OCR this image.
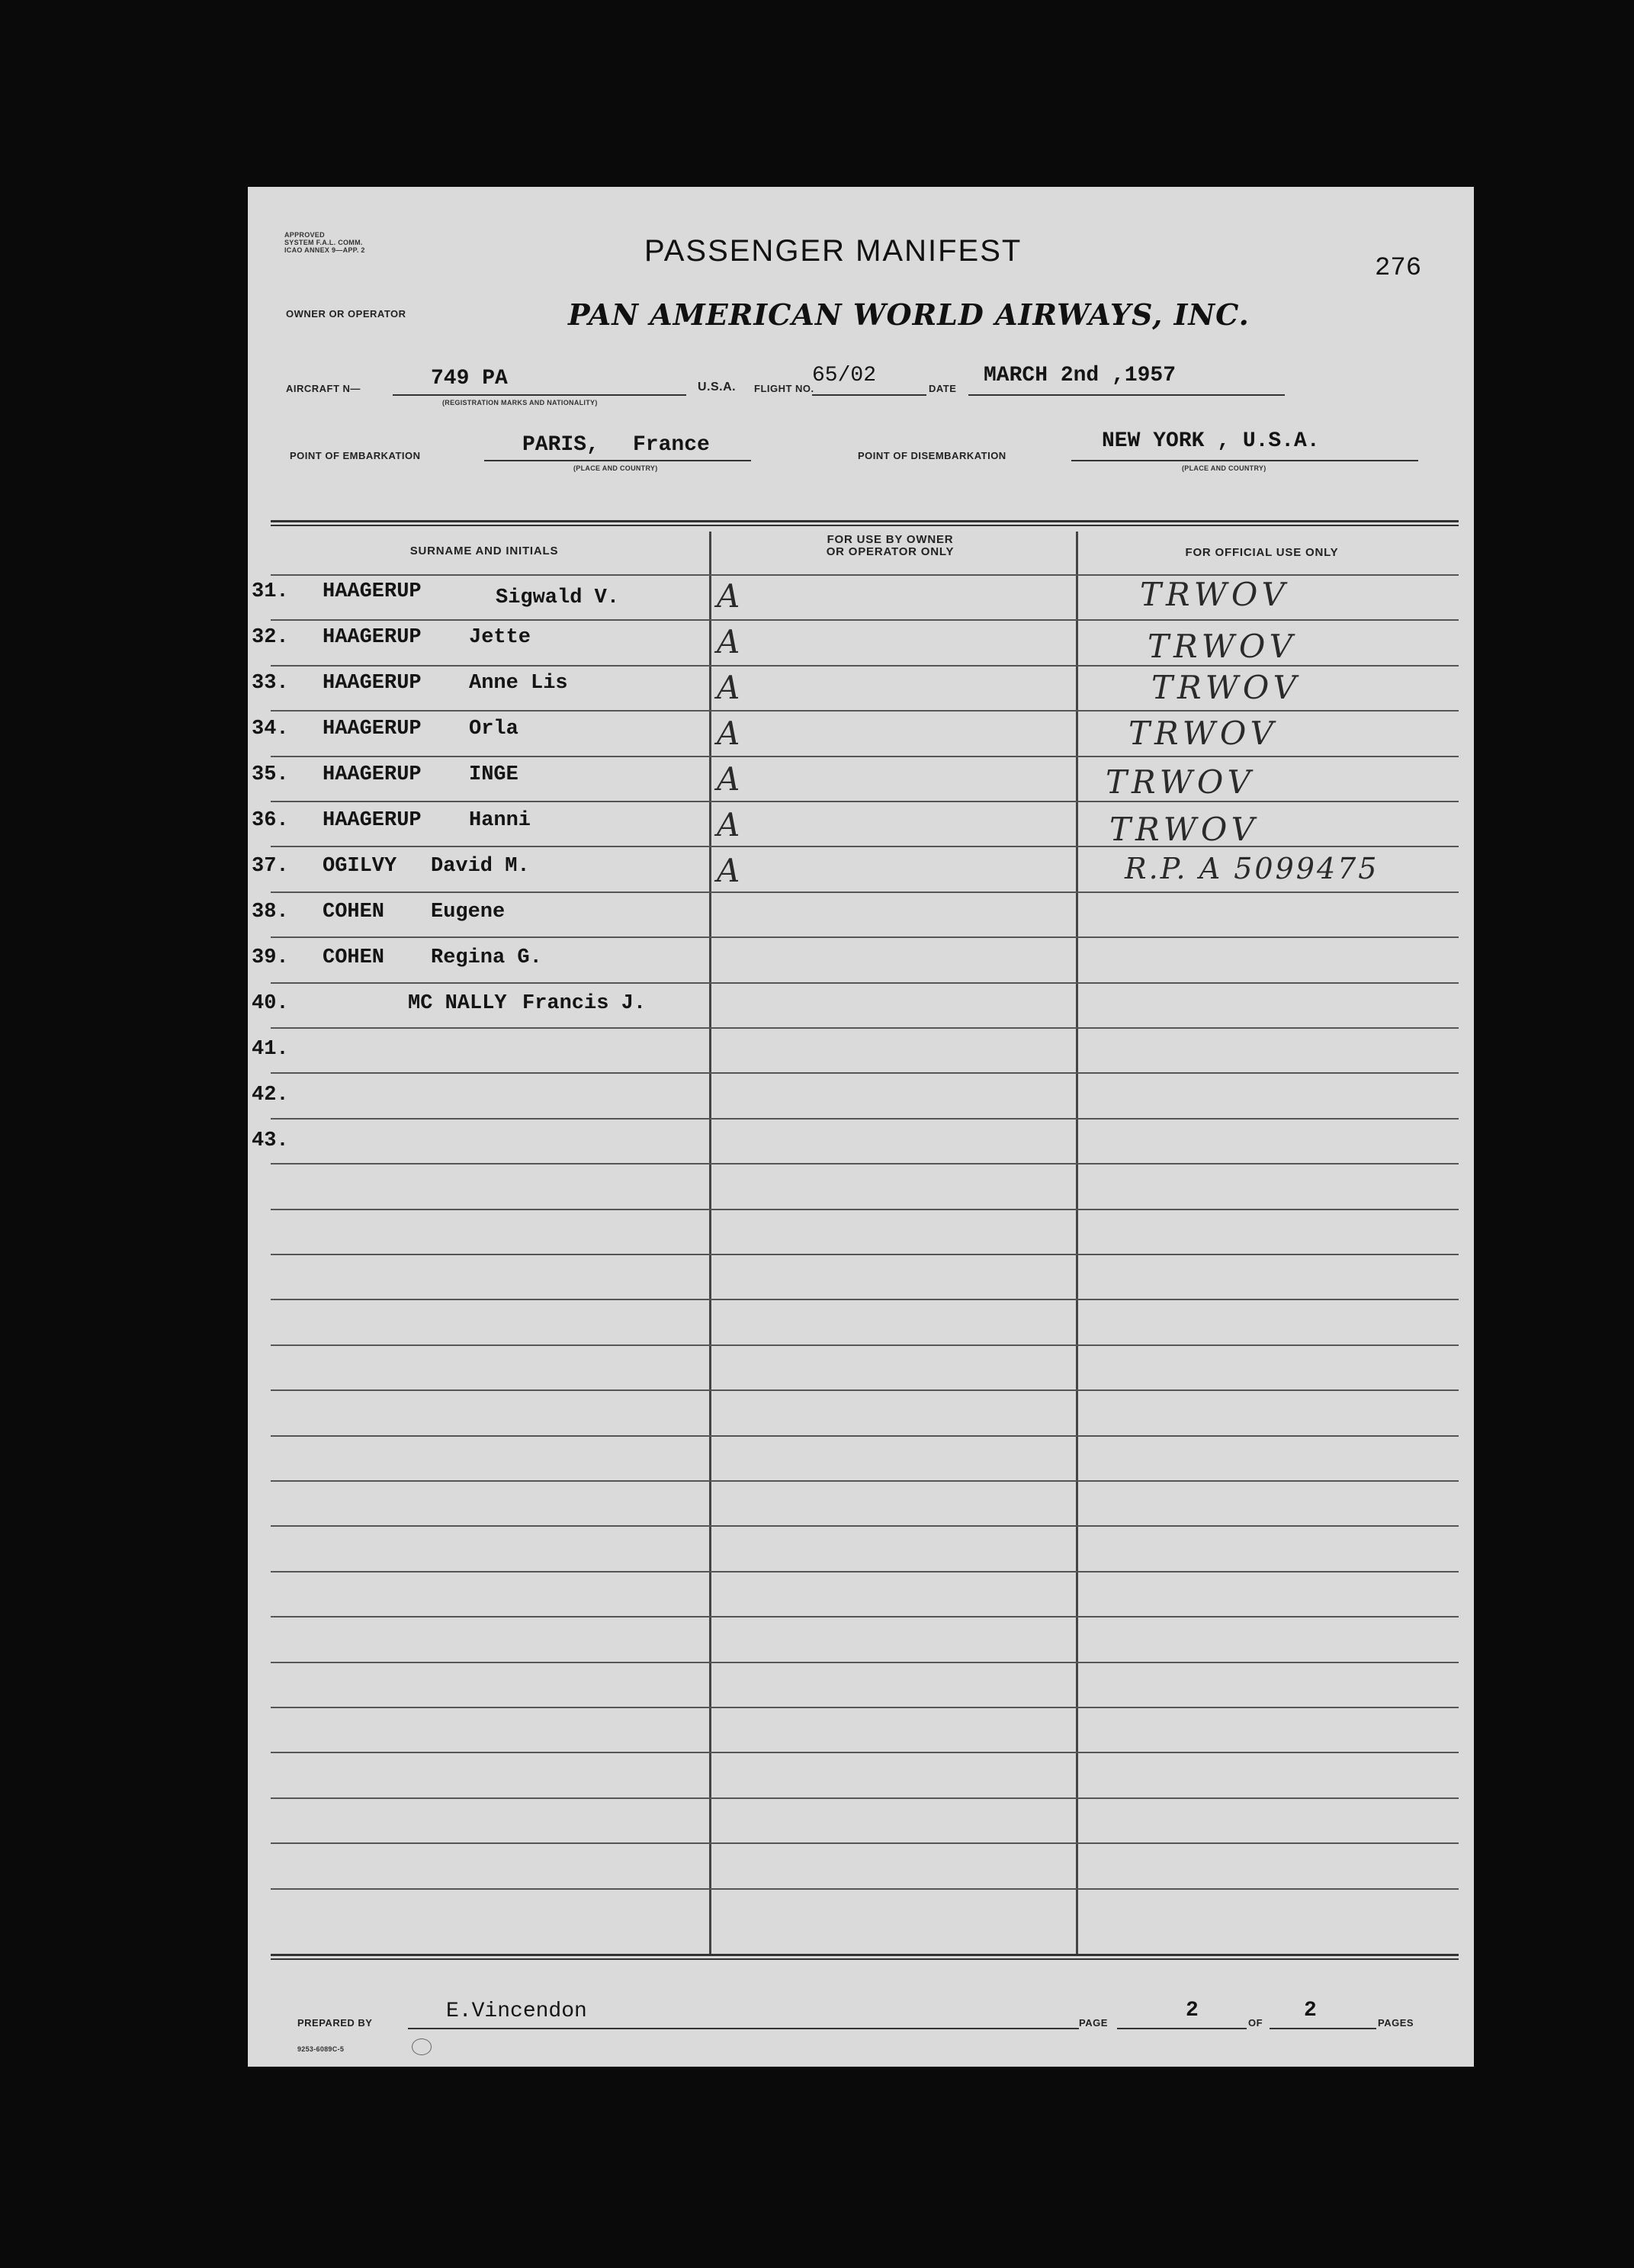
APPROVED
SYSTEM F.A.L. COMM.
ICAO ANNEX 9—APP. 2	PASSENGER MANIFEST
276
OWNER OR OPERATOR	PAN AMERICAN WORLD AIRWAYS, INC.
AIRCRAFT N—	749 PA
(REGISTRATION MARKS AND NATIONALITY)
U.S.A. FLIGHT NO.
65/02
DATE
MARCH 2nd ,1957
POINT OF EMBARKATION	PARIS, France
(PLACE AND COUNTRY)
POINT OF DISEMBARKATION
NEW YORK , U.S.A.
(PLACE AND COUNTRY)
SURNAME AND INITIALS
FOR USE BY OWNER
OR OPERATOR ONLY	FOR OFFICIAL USE ONLY
31. HAAGERUP	Sigwald V.	A	TRWOV
32. HAAGERUP Jette	A	TRWOV
33. HAAGERUP Anne Lis	A	TRWOV
34. HAAGERUP Orla	A	TRWOV
35. HAAGERUP INGE	A	TRWOV
36. HAAGERUP Hanni	A	TRWOV
37. OGILVY David M.	A	R.P. A 5099475
38. COHEN Eugene
39. COHEN Regina G.
40.	MC NALLY Francis J.
41.
42.
43.
PREPARED BY	E.Vincendon
9253-6089C-5
PAGE
2
OF
2
PAGES
